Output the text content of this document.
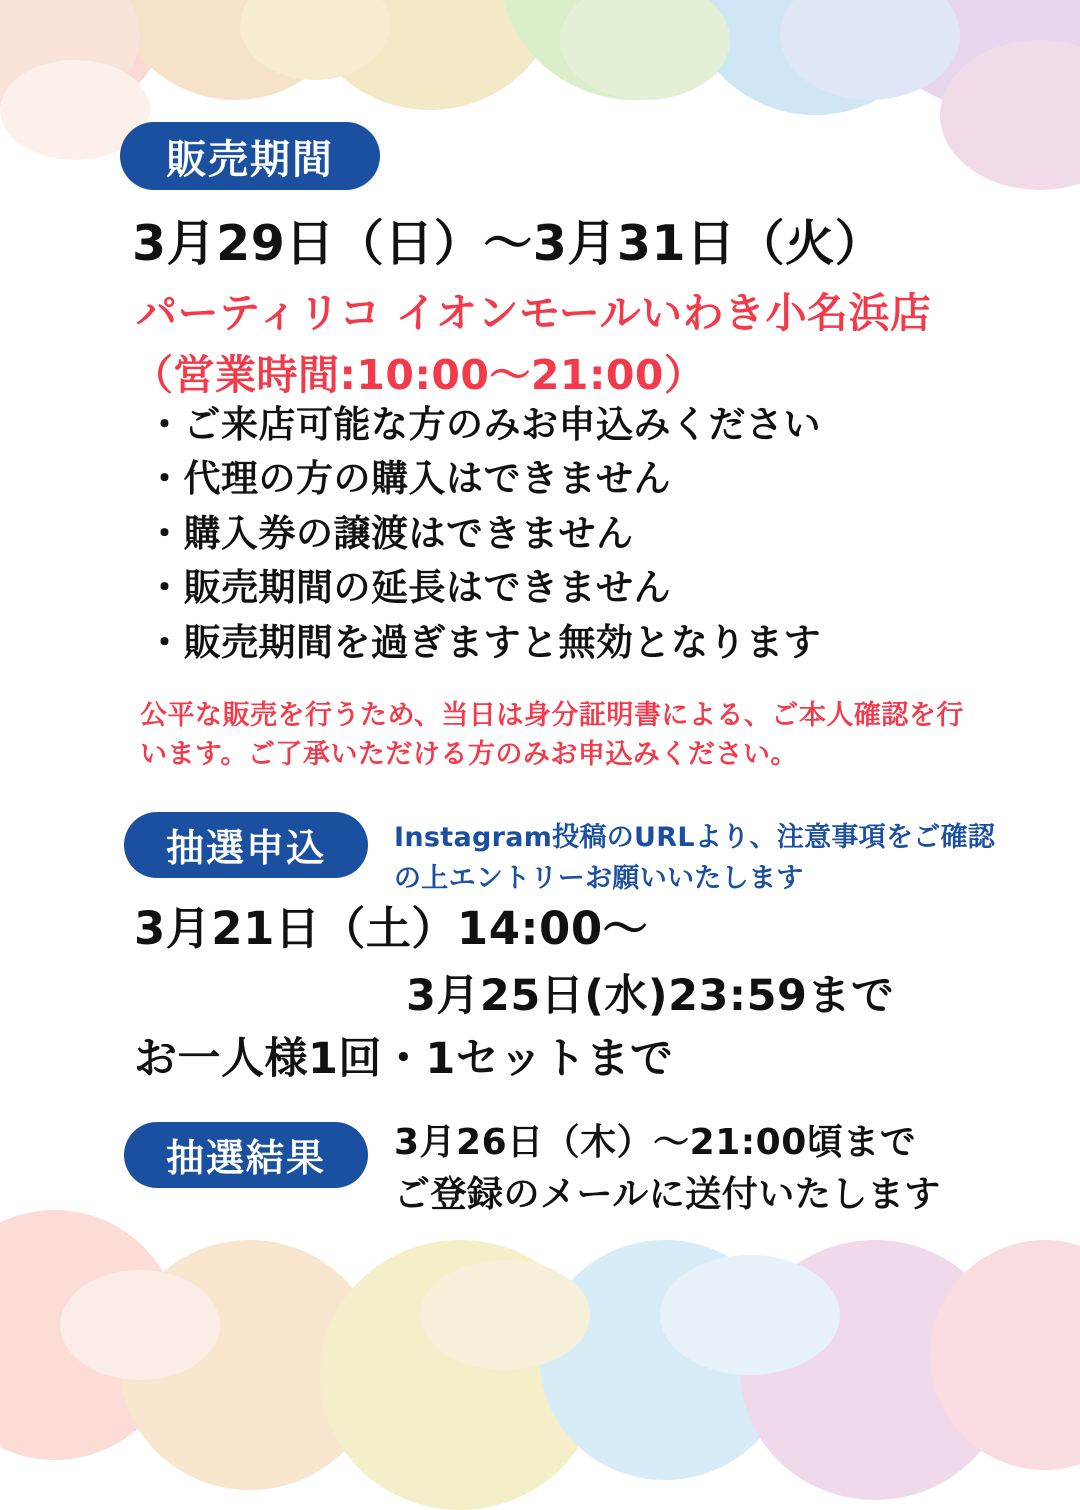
販売期間
3月29日（日）〜3月31日（火）
パーティリコ イオンモールいわき小名浜店
（営業時間:10:00〜21:00）
・ご来店可能な方のみお申込みください
・代理の方の購入はできません
・購入券の譲渡はできません
・販売期間の延長はできません
・販売期間を過ぎますと無効となります
公平な販売を行うため、当日は身分証明書による、ご本人確認を行います。ご了承いただける方のみお申込みください。
抽選申込	Instagram投稿のURLより、注意事項をご確認の上エントリーお願いいたします
3月21日（土）14:00〜
3月25日(水)23:59まで
お一人様1回・1セットまで
抽選結果	3月26日（木）〜21:00頃まで
ご登録のメールに送付いたします
